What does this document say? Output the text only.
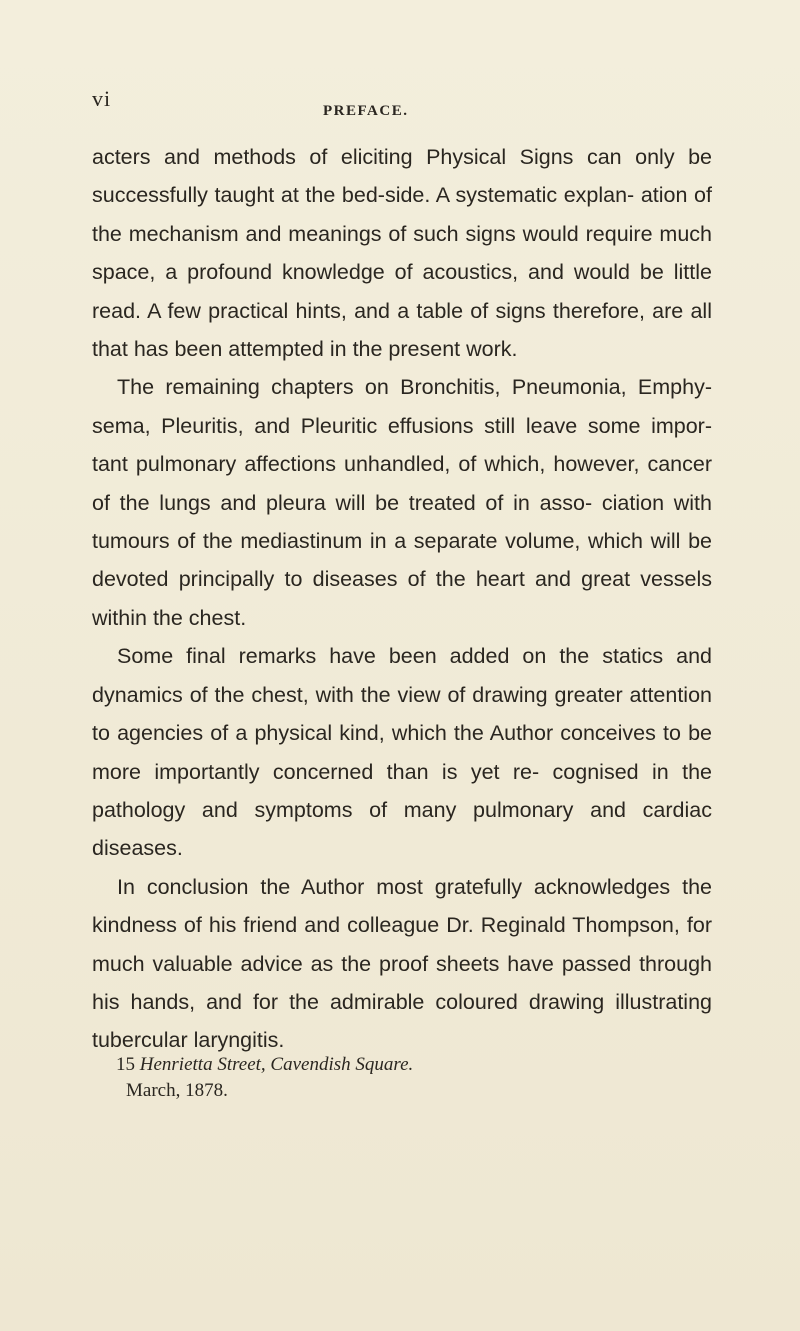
vi	PREFACE.

acters and methods of eliciting Physical Signs can only be successfully taught at the bed-side. A systematic explan- ation of the mechanism and meanings of such signs would require much space, a profound knowledge of acoustics, and would be little read. A few practical hints, and a table of signs therefore, are all that has been attempted in the present work.

The remaining chapters on Bronchitis, Pneumonia, Emphy- sema, Pleuritis, and Pleuritic effusions still leave some impor- tant pulmonary affections unhandled, of which, however, cancer of the lungs and pleura will be treated of in asso- ciation with tumours of the mediastinum in a separate volume, which will be devoted principally to diseases of the heart and great vessels within the chest.

Some final remarks have been added on the statics and dynamics of the chest, with the view of drawing greater attention to agencies of a physical kind, which the Author conceives to be more importantly concerned than is yet re- cognised in the pathology and symptoms of many pulmonary and cardiac diseases.

In conclusion the Author most gratefully acknowledges the kindness of his friend and colleague Dr. Reginald Thompson, for much valuable advice as the proof sheets have passed through his hands, and for the admirable coloured drawing illustrating tubercular laryngitis.

15 Henrietta Street, Cavendish Square.
March, 1878.
